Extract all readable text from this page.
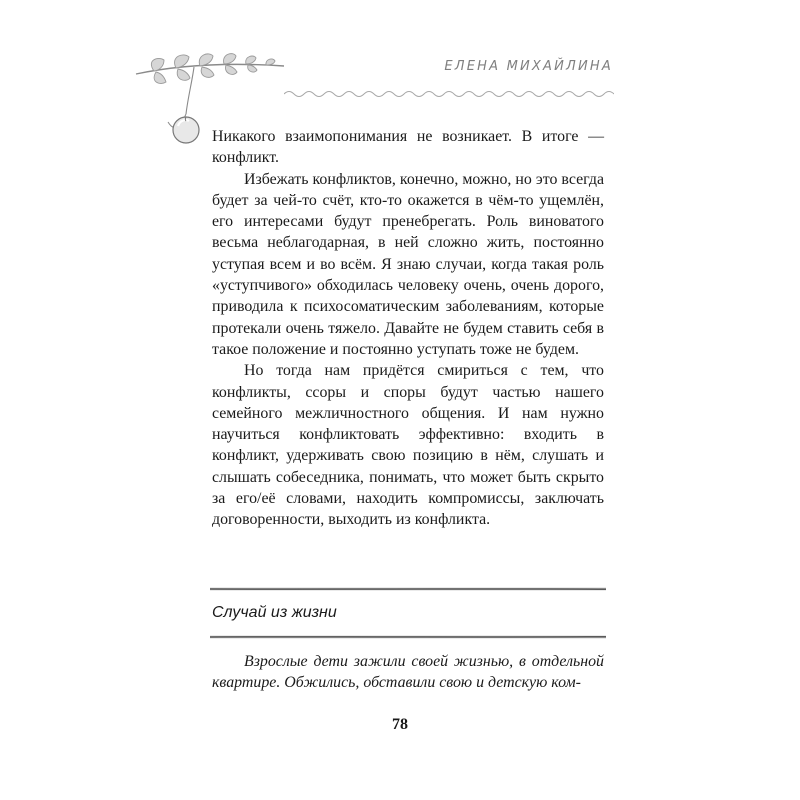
ЕЛЕНА МИХАЙЛИНА

Никакого взаимопонимания не возникает. В итоге — конфликт.

Избежать конфликтов, конечно, можно, но это всегда будет за чей-то счёт, кто-то окажется в чём-то ущемлён, его интересами будут пренебрегать. Роль виноватого весьма неблагодарная, в ней сложно жить, постоянно уступая всем и во всём. Я знаю случаи, когда такая роль «уступчивого» обходилась человеку очень, очень дорого, приводила к психосоматическим заболеваниям, которые протекали очень тяжело. Давайте не будем ставить себя в такое положение и постоянно уступать тоже не будем.

Но тогда нам придётся смириться с тем, что конфликты, ссоры и споры будут частью нашего семейного межличностного общения. И нам нужно научиться конфликтовать эффективно: входить в конфликт, удерживать свою позицию в нём, слушать и слышать собеседника, понимать, что может быть скрыто за его/её словами, находить компромиссы, заключать договоренности, выходить из конфликта.

Случай из жизни

Взрослые дети зажили своей жизнью, в отдельной квартире. Обжились, обставили свою и детскую ком-

78
